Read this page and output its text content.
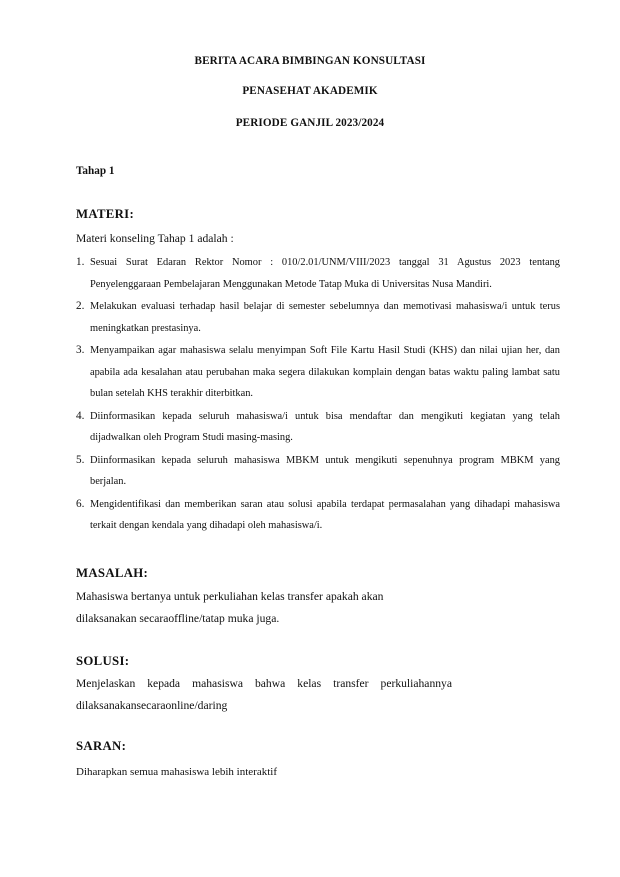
BERITA ACARA BIMBINGAN KONSULTASI

PENASEHAT AKADEMIK

PERIODE GANJIL 2023/2024

Tahap 1

MATERI:

Materi konseling Tahap 1 adalah :

1. Sesuai Surat Edaran Rektor Nomor : 010/2.01/UNM/VIII/2023 tanggal 31 Agustus 2023 tentang Penyelenggaraan Pembelajaran Menggunakan Metode Tatap Muka di Universitas Nusa Mandiri.
2. Melakukan evaluasi terhadap hasil belajar di semester sebelumnya dan memotivasi mahasiswa/i untuk terus meningkatkan prestasinya.
3. Menyampaikan agar mahasiswa selalu menyimpan Soft File Kartu Hasil Studi (KHS) dan nilai ujian her, dan apabila ada kesalahan atau perubahan maka segera dilakukan komplain dengan batas waktu paling lambat satu bulan setelah KHS terakhir diterbitkan.
4. Diinformasikan kepada seluruh mahasiswa/i untuk bisa mendaftar dan mengikuti kegiatan yang telah dijadwalkan oleh Program Studi masing-masing.
5. Diinformasikan kepada seluruh mahasiswa MBKM untuk mengikuti sepenuhnya program MBKM yang berjalan.
6. Mengidentifikasi dan memberikan saran atau solusi apabila terdapat permasalahan yang dihadapi mahasiswa terkait dengan kendala yang dihadapi oleh mahasiswa/i.

MASALAH:

Mahasiswa bertanya untuk perkuliahan kelas transfer apakah akan
dilaksanakan secaraoffline/tatap muka juga.

SOLUSI:

Menjelaskan kepada mahasiswa bahwa kelas transfer perkuliahannya
dilaksanakansecaraonline/daring

SARAN:

Diharapkan semua mahasiswa lebih interaktif
